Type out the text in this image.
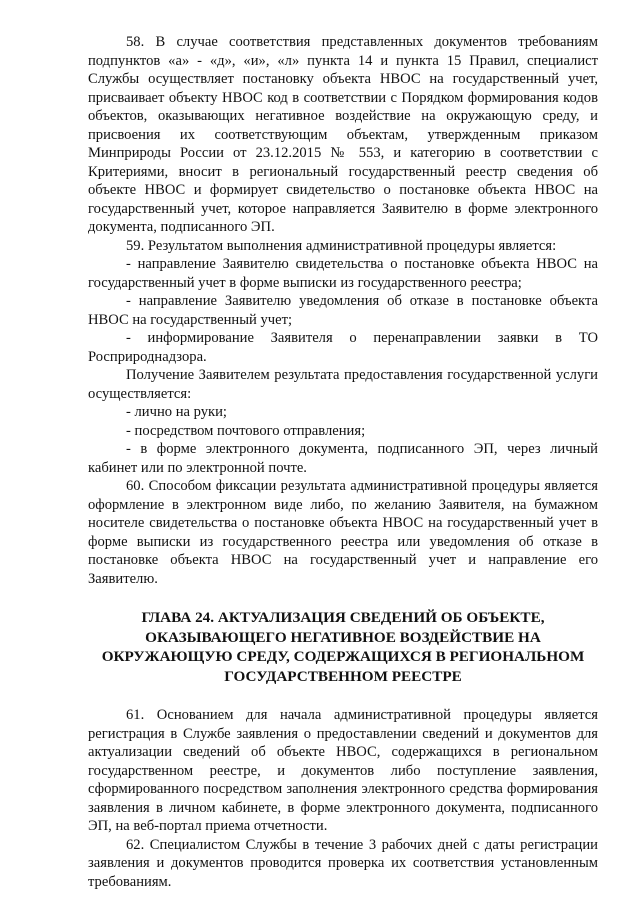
58. В случае соответствия представленных документов требованиям подпунктов «а» - «д», «и», «л» пункта 14 и пункта 15 Правил, специалист Службы осуществляет постановку объекта НВОС на государственный учет, присваивает объекту НВОС код в соответствии с Порядком формирования кодов объектов, оказывающих негативное воздействие на окружающую среду, и присвоения их соответствующим объектам, утвержденным приказом Минприроды России от 23.12.2015 № 553, и категорию в соответствии с Критериями, вносит в региональный государственный реестр сведения об объекте НВОС и формирует свидетельство о постановке объекта НВОС на государственный учет, которое направляется Заявителю в форме электронного документа, подписанного ЭП.

59. Результатом выполнения административной процедуры является:

- направление Заявителю свидетельства о постановке объекта НВОС на государственный учет в форме выписки из государственного реестра;

- направление Заявителю уведомления об отказе в постановке объекта НВОС на государственный учет;

- информирование Заявителя о перенаправлении заявки в ТО Росприроднадзора.

Получение Заявителем результата предоставления государственной услуги осуществляется:

- лично на руки;

- посредством почтового отправления;

- в форме электронного документа, подписанного ЭП, через личный кабинет или по электронной почте.

60. Способом фиксации результата административной процедуры является оформление в электронном виде либо, по желанию Заявителя, на бумажном носителе свидетельства о постановке объекта НВОС на государственный учет в форме выписки из государственного реестра или уведомления об отказе в постановке объекта НВОС на государственный учет и направление его Заявителю.

ГЛАВА 24. АКТУАЛИЗАЦИЯ СВЕДЕНИЙ ОБ ОБЪЕКТЕ, ОКАЗЫВАЮЩЕГО НЕГАТИВНОЕ ВОЗДЕЙСТВИЕ НА ОКРУЖАЮЩУЮ СРЕДУ, СОДЕРЖАЩИХСЯ В РЕГИОНАЛЬНОМ ГОСУДАРСТВЕННОМ РЕЕСТРЕ

61. Основанием для начала административной процедуры является регистрация в Службе заявления о предоставлении сведений и документов для актуализации сведений об объекте НВОС, содержащихся в региональном государственном реестре, и документов либо поступление заявления, сформированного посредством заполнения электронного средства формирования заявления в личном кабинете, в форме электронного документа, подписанного ЭП, на веб-портал приема отчетности.

62. Специалистом Службы в течение 3 рабочих дней с даты регистрации заявления и документов проводится проверка их соответствия установленным требованиям.
